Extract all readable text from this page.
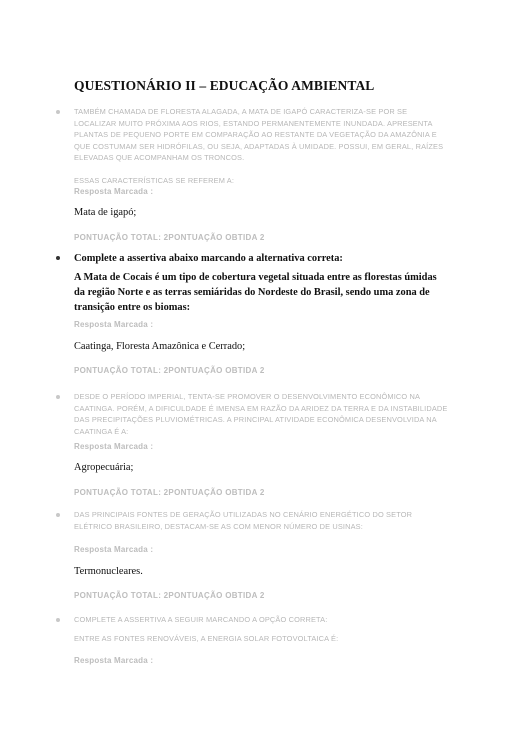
QUESTIONÁRIO II – EDUCAÇÃO AMBIENTAL
TAMBÉM CHAMADA DE FLORESTA ALAGADA, A MATA DE IGAPÓ CARACTERIZA-SE POR SE LOCALIZAR MUITO PRÓXIMA AOS RIOS, ESTANDO PERMANENTEMENTE INUNDADA. APRESENTA PLANTAS DE PEQUENO PORTE EM COMPARAÇÃO AO RESTANTE DA VEGETAÇÃO DA AMAZÔNIA E QUE COSTUMAM SER HIDRÓFILAS, OU SEJA, ADAPTADAS À UMIDADE. POSSUI, EM GERAL, RAÍZES ELEVADAS QUE ACOMPANHAM OS TRONCOS.
ESSAS CARACTERÍSTICAS SE REFEREM A:
Resposta Marcada :
Mata de igapó;
PONTUAÇÃO TOTAL: 2PONTUAÇÃO OBTIDA 2
Complete a assertiva abaixo marcando a alternativa correta:
A Mata de Cocais é um tipo de cobertura vegetal situada entre as florestas úmidas da região Norte e as terras semiáridas do Nordeste do Brasil, sendo uma zona de transição entre os biomas:
Resposta Marcada :
Caatinga, Floresta Amazônica e Cerrado;
PONTUAÇÃO TOTAL: 2PONTUAÇÃO OBTIDA 2
DESDE O PERÍODO IMPERIAL, TENTA-SE PROMOVER O DESENVOLVIMENTO ECONÔMICO NA CAATINGA. PORÉM, A DIFICULDADE É IMENSA EM RAZÃO DA ARIDEZ DA TERRA E DA INSTABILIDADE DAS PRECIPITAÇÕES PLUVIOMÉTRICAS. A PRINCIPAL ATIVIDADE ECONÔMICA DESENVOLVIDA NA CAATINGA É A:
Resposta Marcada :
Agropecuária;
PONTUAÇÃO TOTAL: 2PONTUAÇÃO OBTIDA 2
DAS PRINCIPAIS FONTES DE GERAÇÃO UTILIZADAS NO CENÁRIO ENERGÉTICO DO SETOR ELÉTRICO BRASILEIRO, DESTACAM-SE AS COM MENOR NÚMERO DE USINAS:
Resposta Marcada :
Termonucleares.
PONTUAÇÃO TOTAL: 2PONTUAÇÃO OBTIDA 2
COMPLETE A ASSERTIVA A SEGUIR MARCANDO A OPÇÃO CORRETA:
ENTRE AS FONTES RENOVÁVEIS, A ENERGIA SOLAR FOTOVOLTAICA É:
Resposta Marcada :
